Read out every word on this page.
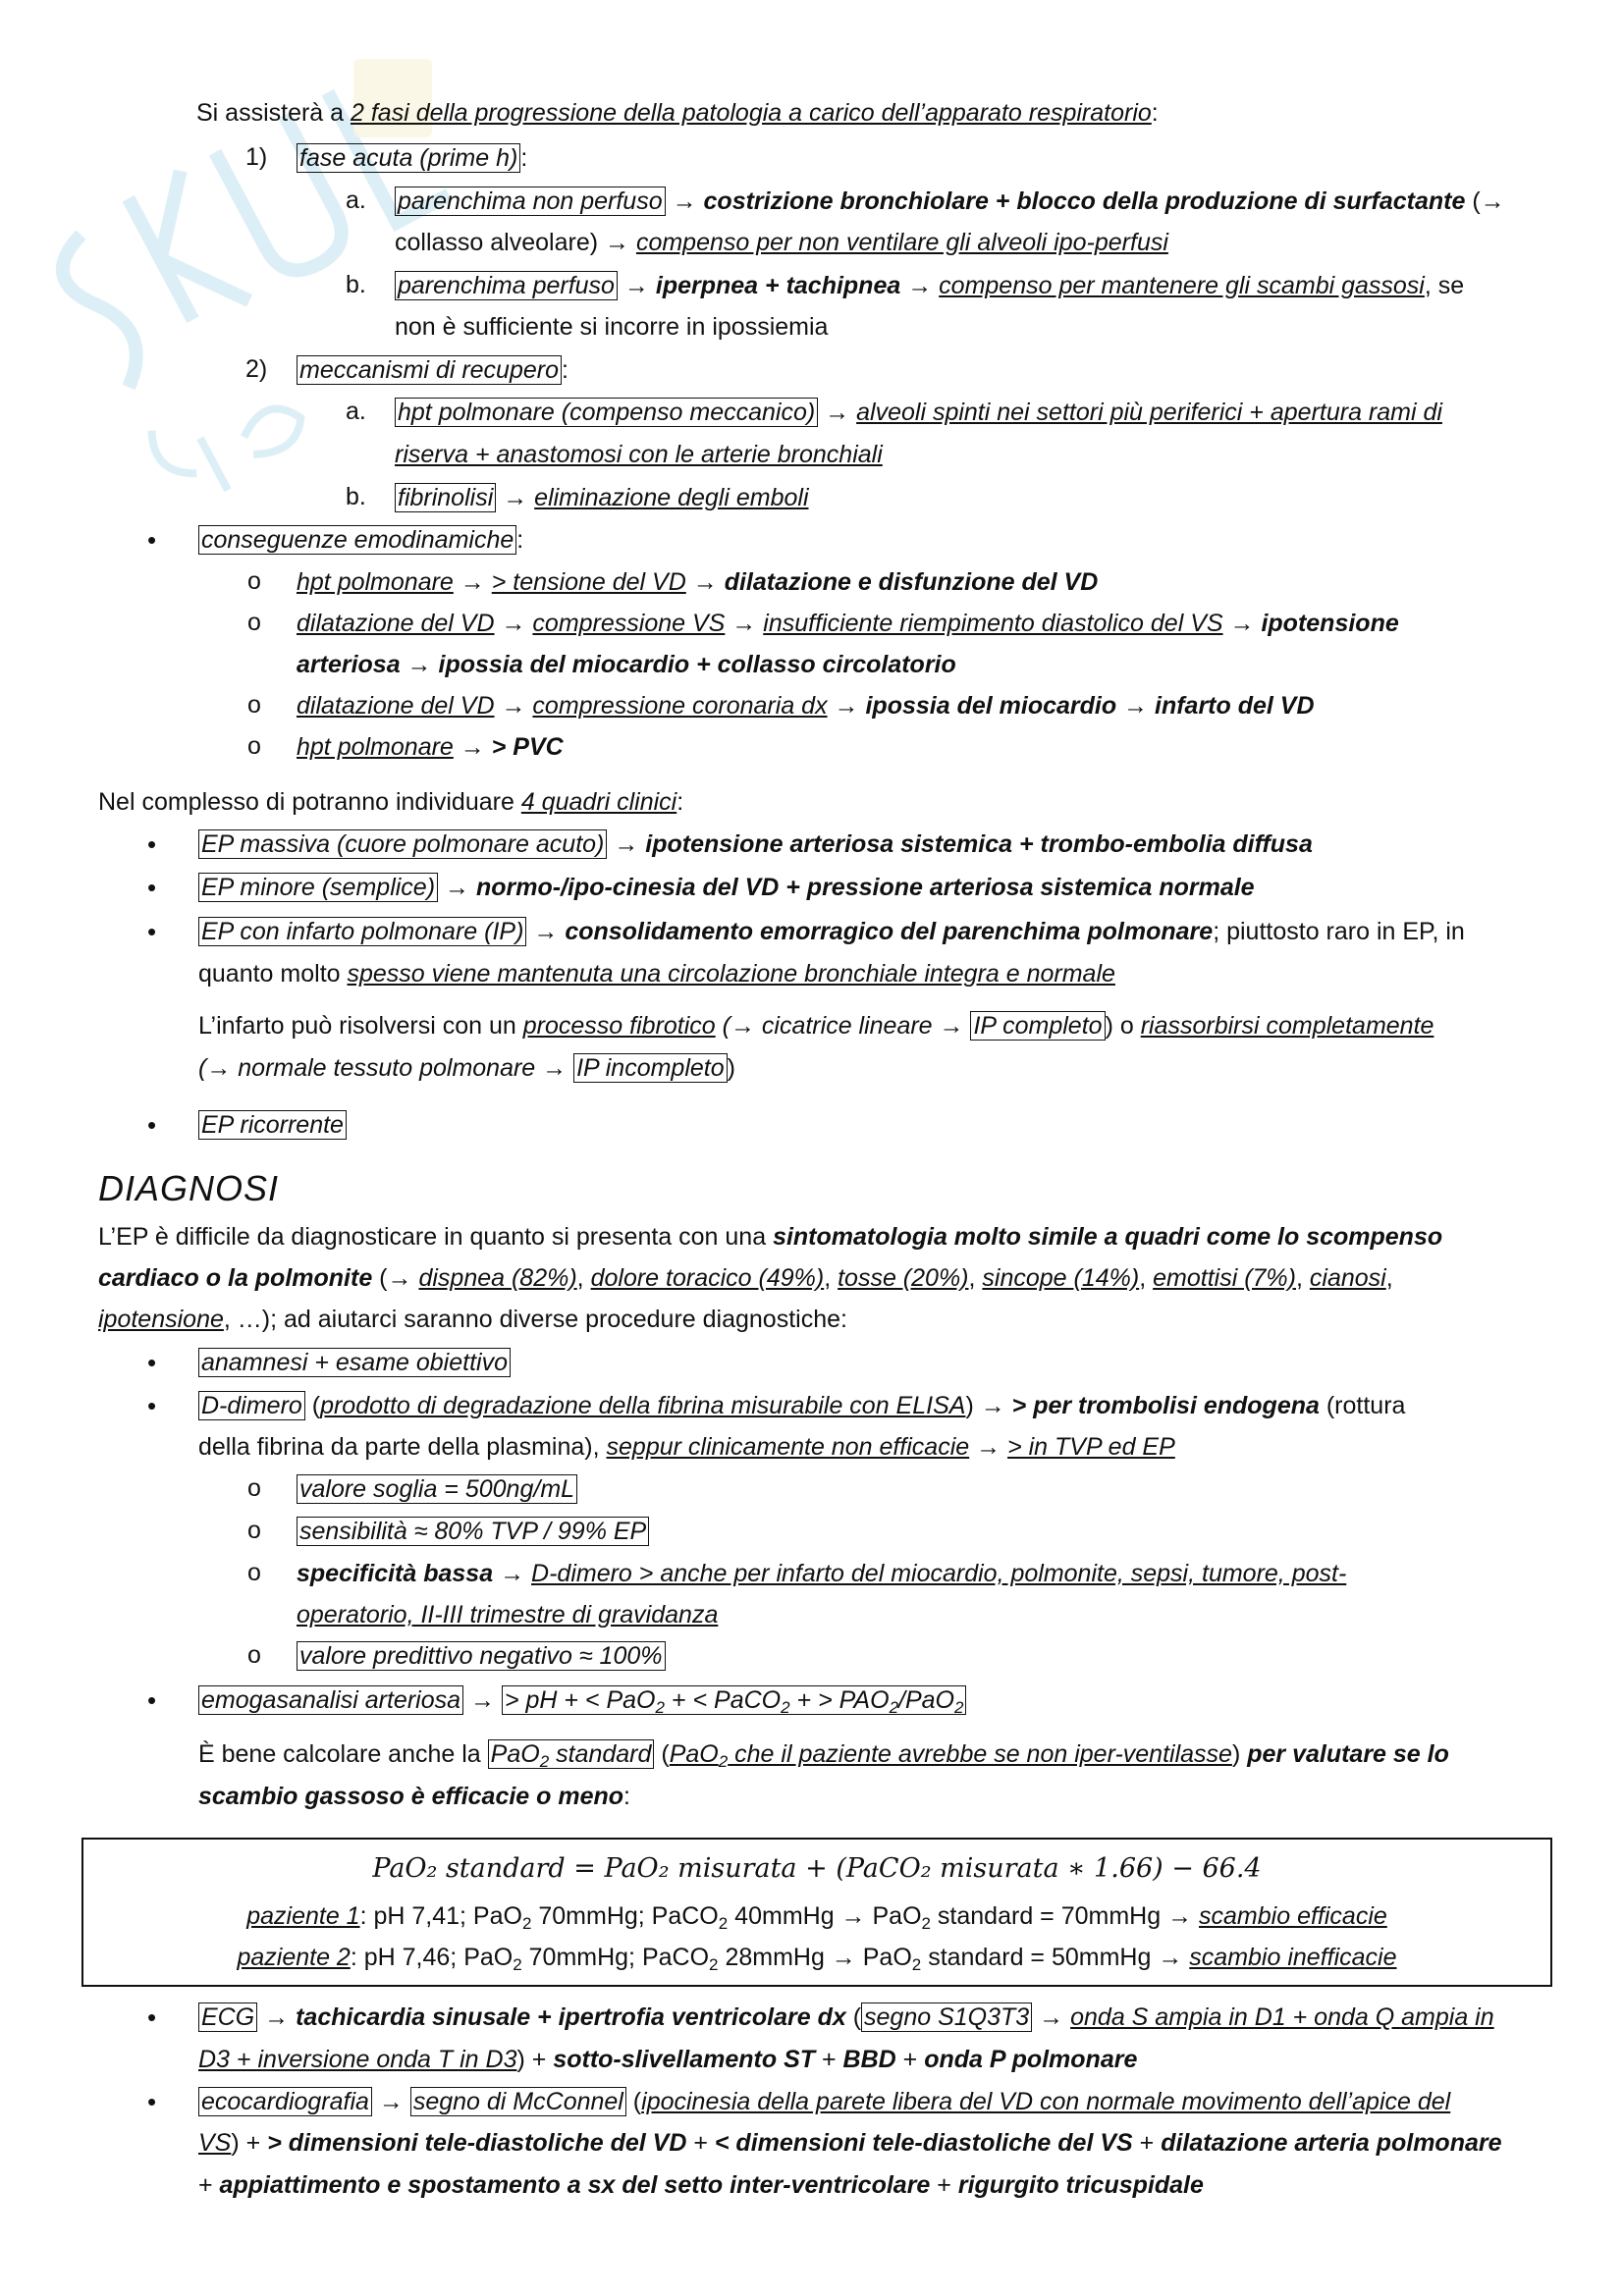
Si assisterà a 2 fasi della progressione della patologia a carico dell’apparato respiratorio:
1) fase acuta (prime h) :
a. parenchima non perfuso → costrizione bronchiolare + blocco della produzione di surfactante (→
collasso alveolare) → compenso per non ventilare gli alveoli ipo-perfusi
b. parenchima perfuso → iperpnea + tachipnea → compenso per mantenere gli scambi gassosi, se
non è sufficiente si incorre in ipossiemia
2) meccanismi di recupero :
a. hpt polmonare (compenso meccanico) → alveoli spinti nei settori più periferici + apertura rami di
riserva + anastomosi con le arterie bronchiali
b. fibrinolisi → eliminazione degli emboli
• conseguenze emodinamiche :
o hpt polmonare → > tensione del VD → dilatazione e disfunzione del VD
o dilatazione del VD → compressione VS → insufficiente riempimento diastolico del VS → ipotensione
arteriosa → ipossia del miocardio + collasso circolatorio
o dilatazione del VD → compressione coronaria dx → ipossia del miocardio → infarto del VD
o hpt polmonare → > PVC
Nel complesso di potranno individuare 4 quadri clinici:
• EP massiva (cuore polmonare acuto) → ipotensione arteriosa sistemica + trombo-embolia diffusa
• EP minore (semplice) → normo-/ipo-cinesia del VD + pressione arteriosa sistemica normale
• EP con infarto polmonare (IP) → consolidamento emorragico del parenchima polmonare; piuttosto raro in EP, in
quanto molto spesso viene mantenuta una circolazione bronchiale integra e normale
L’infarto può risolversi con un processo fibrotico (→ cicatrice lineare → IP completo ) o riassorbirsi completamente
(→ normale tessuto polmonare → IP incompleto )
• EP ricorrente
DIAGNOSI
L’EP è difficile da diagnosticare in quanto si presenta con una sintomatologia molto simile a quadri come lo scompenso
cardiaco o la polmonite (→ dispnea (82%), dolore toracico (49%), tosse (20%), sincope (14%), emottisi (7%), cianosi,
ipotensione, …); ad aiutarci saranno diverse procedure diagnostiche:
• anamnesi + esame obiettivo
• D-dimero (prodotto di degradazione della fibrina misurabile con ELISA) → > per trombolisi endogena (rottura
della fibrina da parte della plasmina), seppur clinicamente non efficacie → > in TVP ed EP
o valore soglia = 500ng/mL
o sensibilità ≈ 80% TVP / 99% EP
o specificità bassa → D-dimero > anche per infarto del miocardio, polmonite, sepsi, tumore, post-
operatorio, II-III trimestre di gravidanza
o valore predittivo negativo ≈ 100%
• emogasanalisi arteriosa → > pH + < PaO$_2$ + < PaCO$_2$ + > $PAO_2/PaO_2$
È bene calcolare anche la PaO$_2$ standard (PaO$_2$ che il paziente avrebbe se non iper-ventilasse) per valutare se lo
scambio gassoso è efficacie o meno:
PaO₂ standard = PaO₂ misurata + (PaCO₂ misurata ∗ 1.66) − 66.4
paziente 1: pH 7,41; PaO$_2$ 70mmHg; PaCO$_2$ 40mmHg → PaO$_2$ standard = 70mmHg → scambio efficacie
paziente 2: pH 7,46; PaO$_2$ 70mmHg; PaCO$_2$ 28mmHg → PaO$_2$ standard = 50mmHg → scambio inefficacie
• ECG → tachicardia sinusale + ipertrofia ventricolare dx ( segno S1Q3T3 → onda S ampia in D1 + onda Q ampia in
D3 + inversione onda T in D3) + sotto-slivellamento ST + BBD + onda P polmonare
• ecocardiografia → segno di McConnel (ipocinesia della parete libera del VD con normale movimento dell’apice del
VS) + > dimensioni tele-diastoliche del VD + < dimensioni tele-diastoliche del VS + dilatazione arteria polmonare
+ appiattimento e spostamento a sx del setto inter-ventricolare + rigurgito tricuspidale
